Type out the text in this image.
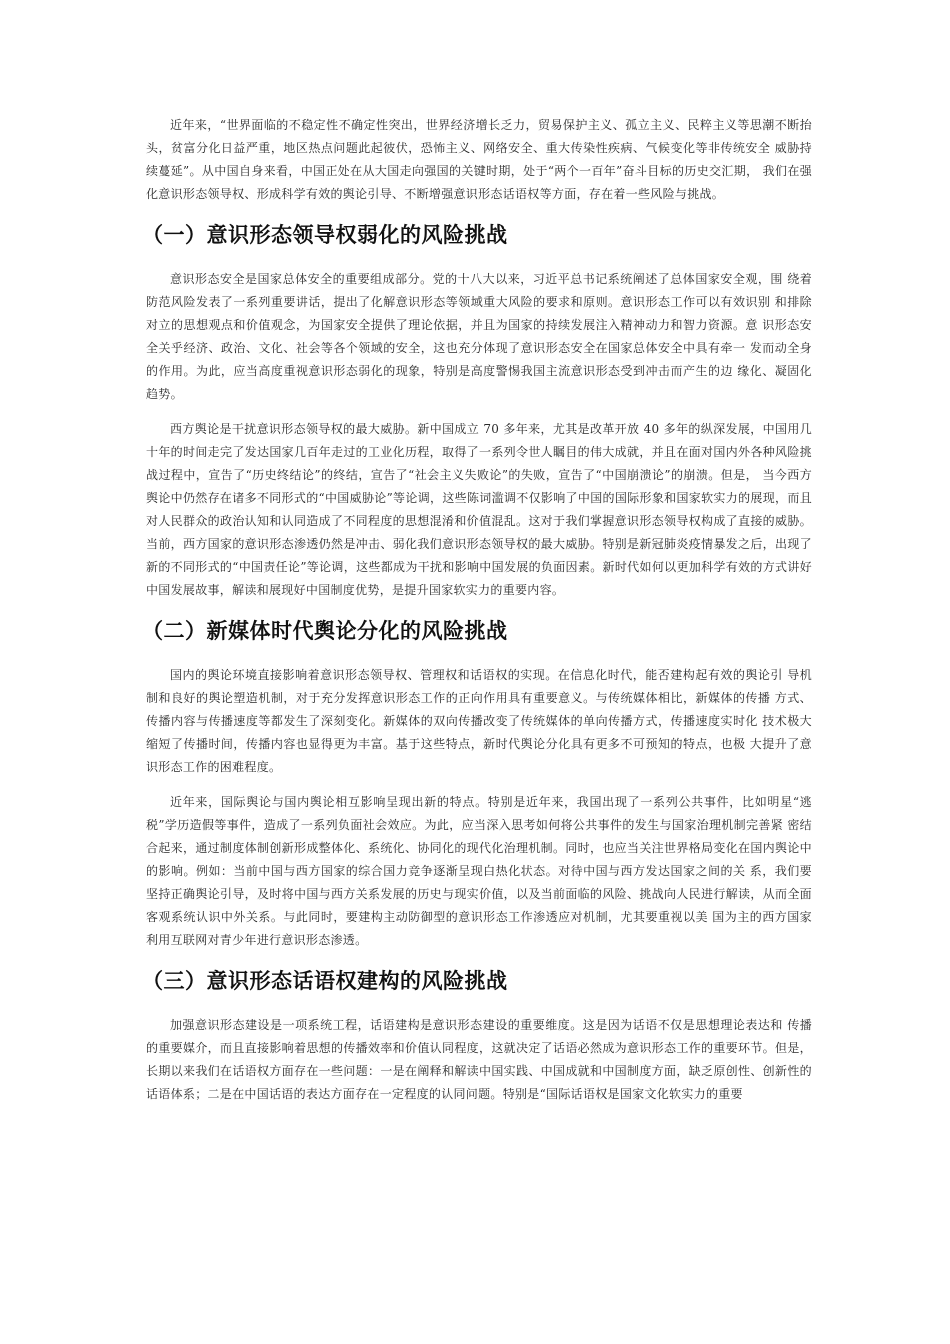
近年来，“世界面临的不稳定性不确定性突出，世界经济增长乏力，贸易保护主义、孤立主义、民粹主义等思潮不断抬头，贫富分化日益严重，地区热点问题此起彼伏，恐怖主义、网络安全、重大传染性疾病、气候变化等非传统安全 威胁持续蔓延”。从中国自身来看，中国正处在从大国走向强国的关键时期，处于“两个一百年”奋斗目标的历史交汇期， 我们在强化意识形态领导权、形成科学有效的舆论引导、不断增强意识形态话语权等方面，存在着一些风险与挑战。

（一）意识形态领导权弱化的风险挑战

意识形态安全是国家总体安全的重要组成部分。党的十八大以来，习近平总书记系统阐述了总体国家安全观，围 绕着防范风险发表了一系列重要讲话，提出了化解意识形态等领域重大风险的要求和原则。意识形态工作可以有效识别 和排除对立的思想观点和价值观念，为国家安全提供了理论依据，并且为国家的持续发展注入精神动力和智力资源。意 识形态安全关乎经济、政治、文化、社会等各个领域的安全，这也充分体现了意识形态安全在国家总体安全中具有牵一 发而动全身的作用。为此，应当高度重视意识形态弱化的现象，特别是高度警惕我国主流意识形态受到冲击而产生的边 缘化、凝固化趋势。

西方舆论是干扰意识形态领导权的最大威胁。新中国成立 70 多年来，尤其是改革开放 40 多年的纵深发展，中国用几十年的时间走完了发达国家几百年走过的工业化历程，取得了一系列令世人瞩目的伟大成就，并且在面对国内外各种风险挑战过程中，宣告了“历史终结论”的终结，宣告了“社会主义失败论”的失败，宣告了“中国崩溃论”的崩溃。但是， 当今西方舆论中仍然存在诸多不同形式的“中国威胁论”等论调，这些陈词滥调不仅影响了中国的国际形象和国家软实力的展现，而且对人民群众的政治认知和认同造成了不同程度的思想混淆和价值混乱。这对于我们掌握意识形态领导权构成了直接的威胁。当前，西方国家的意识形态渗透仍然是冲击、弱化我们意识形态领导权的最大威胁。特别是新冠肺炎疫情暴发之后，出现了新的不同形式的“中国责任论”等论调，这些都成为干扰和影响中国发展的负面因素。新时代如何以更加科学有效的方式讲好中国发展故事，解读和展现好中国制度优势，是提升国家软实力的重要内容。

（二）新媒体时代舆论分化的风险挑战

国内的舆论环境直接影响着意识形态领导权、管理权和话语权的实现。在信息化时代，能否建构起有效的舆论引 导机制和良好的舆论塑造机制，对于充分发挥意识形态工作的正向作用具有重要意义。与传统媒体相比，新媒体的传播 方式、传播内容与传播速度等都发生了深刻变化。新媒体的双向传播改变了传统媒体的单向传播方式，传播速度实时化 技术极大缩短了传播时间，传播内容也显得更为丰富。基于这些特点，新时代舆论分化具有更多不可预知的特点，也极 大提升了意识形态工作的困难程度。

近年来，国际舆论与国内舆论相互影响呈现出新的特点。特别是近年来，我国出现了一系列公共事件，比如明星“逃税”学历造假等事件，造成了一系列负面社会效应。为此，应当深入思考如何将公共事件的发生与国家治理机制完善紧 密结合起来，通过制度体制创新形成整体化、系统化、协同化的现代化治理机制。同时，也应当关注世界格局变化在国内舆论中的影响。例如：当前中国与西方国家的综合国力竞争逐渐呈现白热化状态。对待中国与西方发达国家之间的关 系，我们要坚持正确舆论引导，及时将中国与西方关系发展的历史与现实价值，以及当前面临的风险、挑战向人民进行解读，从而全面客观系统认识中外关系。与此同时，要建构主动防御型的意识形态工作渗透应对机制，尤其要重视以美 国为主的西方国家利用互联网对青少年进行意识形态渗透。

（三）意识形态话语权建构的风险挑战

加强意识形态建设是一项系统工程，话语建构是意识形态建设的重要维度。这是因为话语不仅是思想理论表达和 传播的重要媒介，而且直接影响着思想的传播效率和价值认同程度，这就决定了话语必然成为意识形态工作的重要环节。但是，长期以来我们在话语权方面存在一些问题：一是在阐释和解读中国实践、中国成就和中国制度方面，缺乏原创性、创新性的话语体系；二是在中国话语的表达方面存在一定程度的认同问题。特别是“国际话语权是国家文化软实力的重要
